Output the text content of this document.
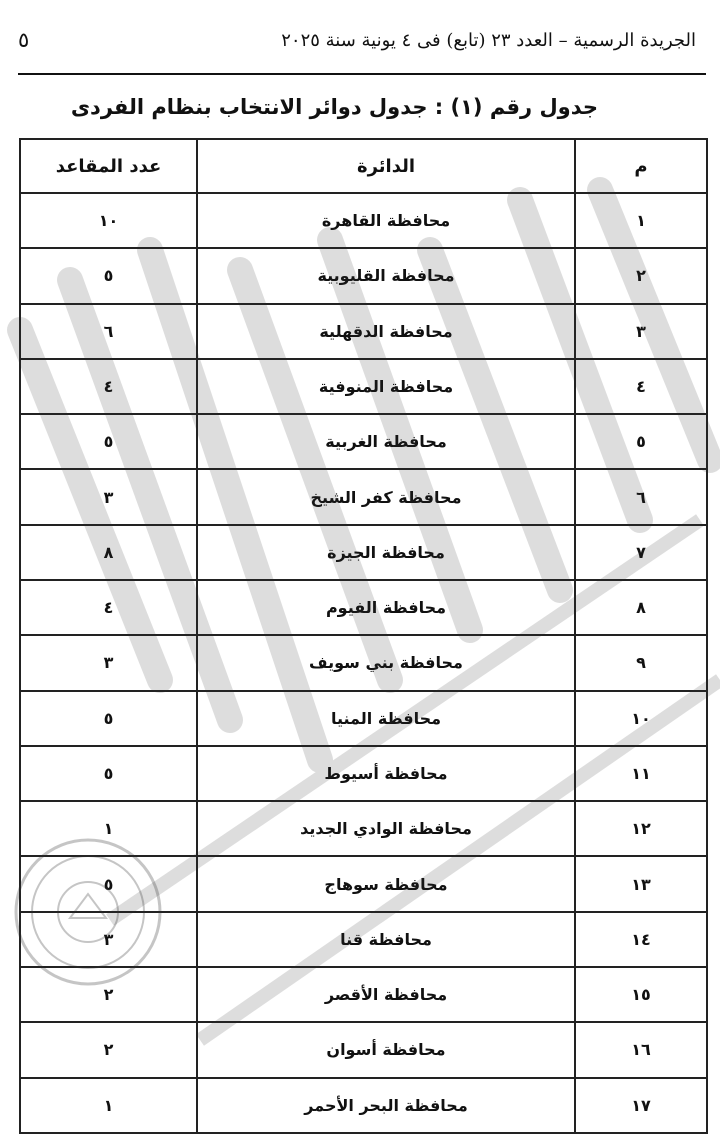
٥	الجريدة الرسمية – العدد ٢٣ (تابع) فى ٤ يونية سنة ٢٠٢٥
جدول رقم (١) : جدول دوائر الانتخاب بنظام الفردى
م	الدائرة	عدد المقاعد
١	محافظة القاهرة	١٠
٢	محافظة القليوبية	٥
٣	محافظة الدقهلية	٦
٤	محافظة المنوفية	٤
٥	محافظة الغربية	٥
٦	محافظة كفر الشيخ	٣
٧	محافظة الجيزة	٨
٨	محافظة الفيوم	٤
٩	محافظة بني سويف	٣
١٠	محافظة المنيا	٥
١١	محافظة أسيوط	٥
١٢	محافظة الوادي الجديد	١
١٣	محافظة سوهاج	٥
١٤	محافظة قنا	٣
١٥	محافظة الأقصر	٢
١٦	محافظة أسوان	٢
١٧	محافظة البحر الأحمر	١
